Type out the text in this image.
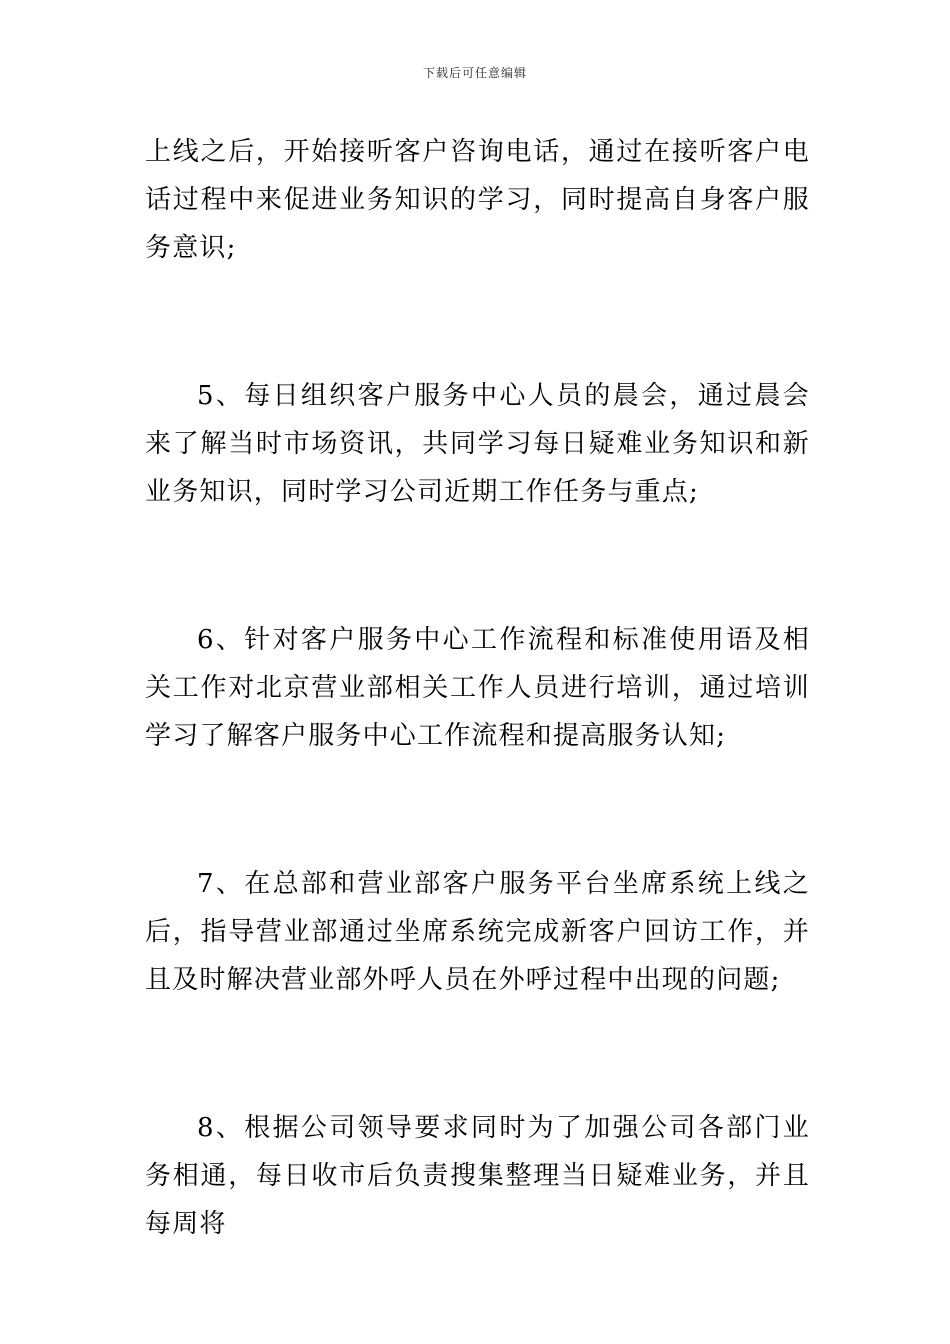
下载后可任意编辑

上线之后，开始接听客户咨询电话，通过在接听客户电话过程中来促进业务知识的学习，同时提高自身客户服务意识;

5、每日组织客户服务中心人员的晨会，通过晨会来了解当时市场资讯，共同学习每日疑难业务知识和新业务知识，同时学习公司近期工作任务与重点;

6、针对客户服务中心工作流程和标准使用语及相关工作对北京营业部相关工作人员进行培训，通过培训学习了解客户服务中心工作流程和提高服务认知;

7、在总部和营业部客户服务平台坐席系统上线之后，指导营业部通过坐席系统完成新客户回访工作，并且及时解决营业部外呼人员在外呼过程中出现的问题;

8、根据公司领导要求同时为了加强公司各部门业务相通，每日收市后负责搜集整理当日疑难业务，并且每周将
